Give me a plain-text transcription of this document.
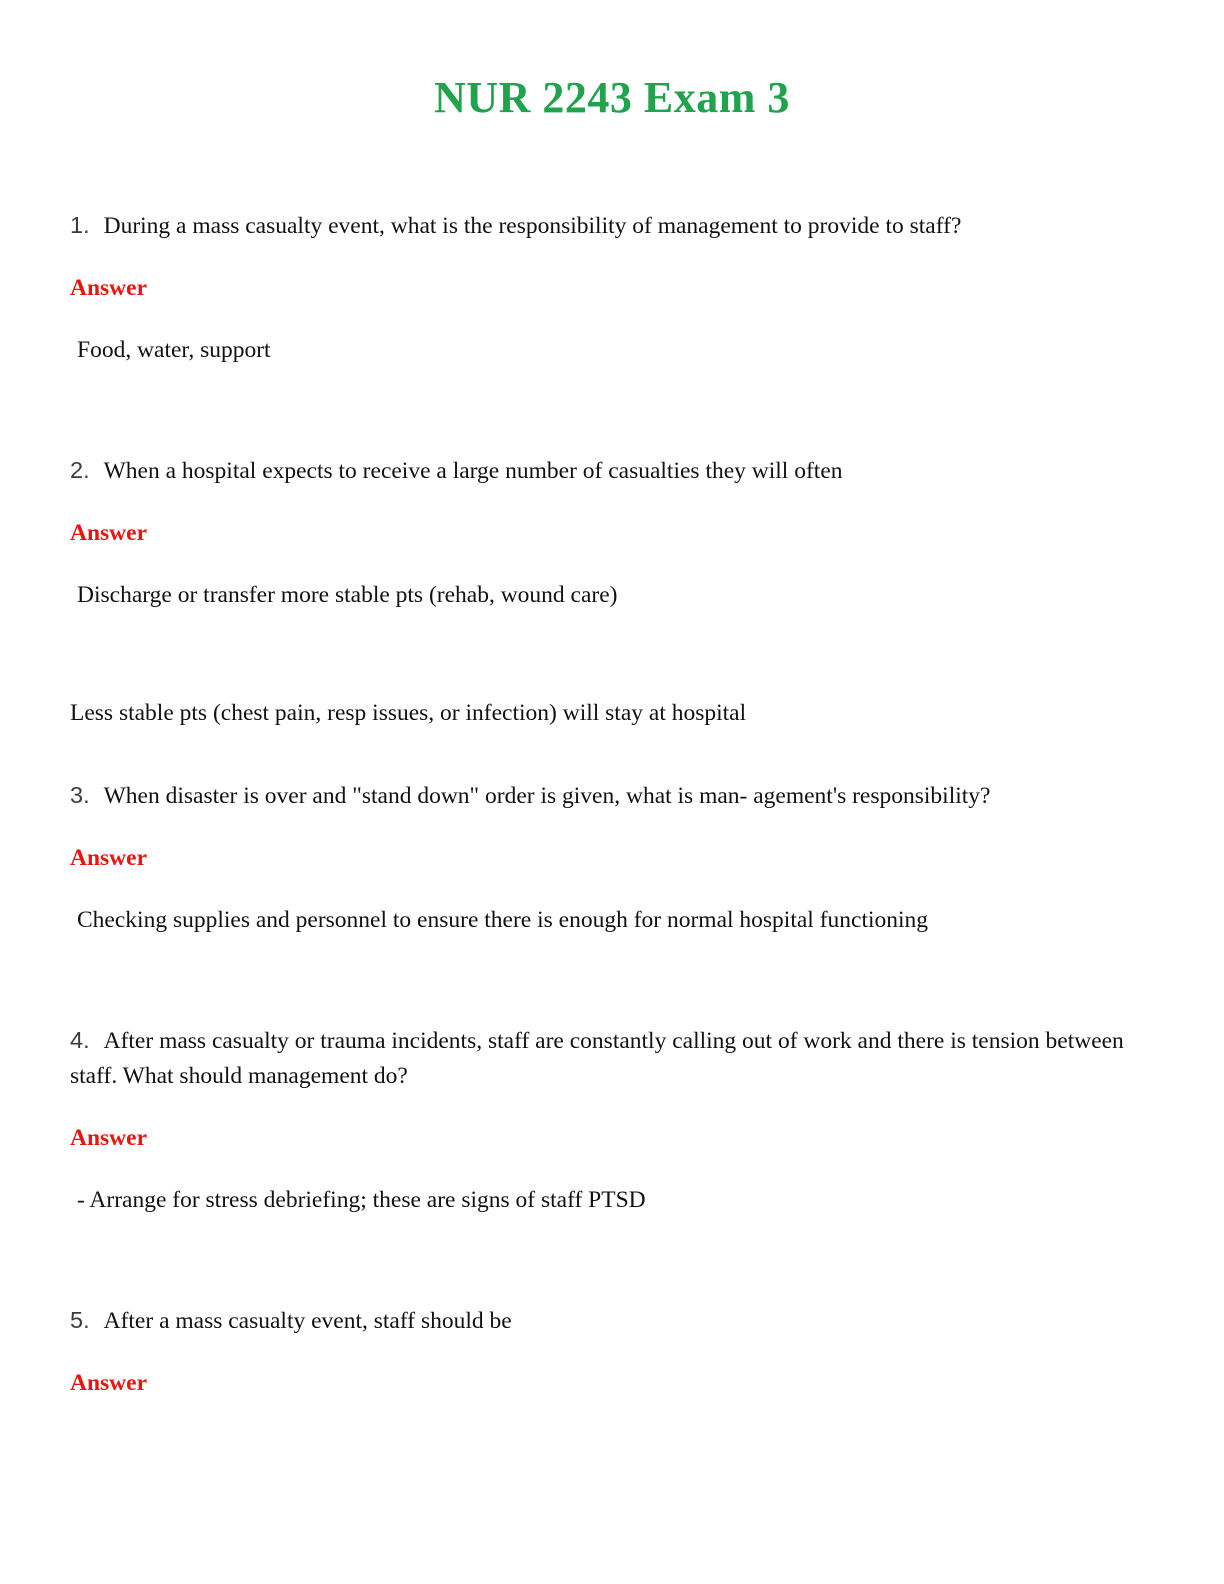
NUR 2243 Exam 3

1. During a mass casualty event, what is the responsibility of management to provide to staff?

Answer

Food, water, support

2. When a hospital expects to receive a large number of casualties they will often

Answer

Discharge or transfer more stable pts (rehab, wound care)

Less stable pts (chest pain, resp issues, or infection) will stay at hospital

3. When disaster is over and "stand down" order is given, what is man- agement's responsibility?

Answer

Checking supplies and personnel to ensure there is enough for normal hospital functioning

4. After mass casualty or trauma incidents, staff are constantly calling out of work and there is tension between staff. What should management do?

Answer

- Arrange for stress debriefing; these are signs of staff PTSD

5. After a mass casualty event, staff should be

Answer
